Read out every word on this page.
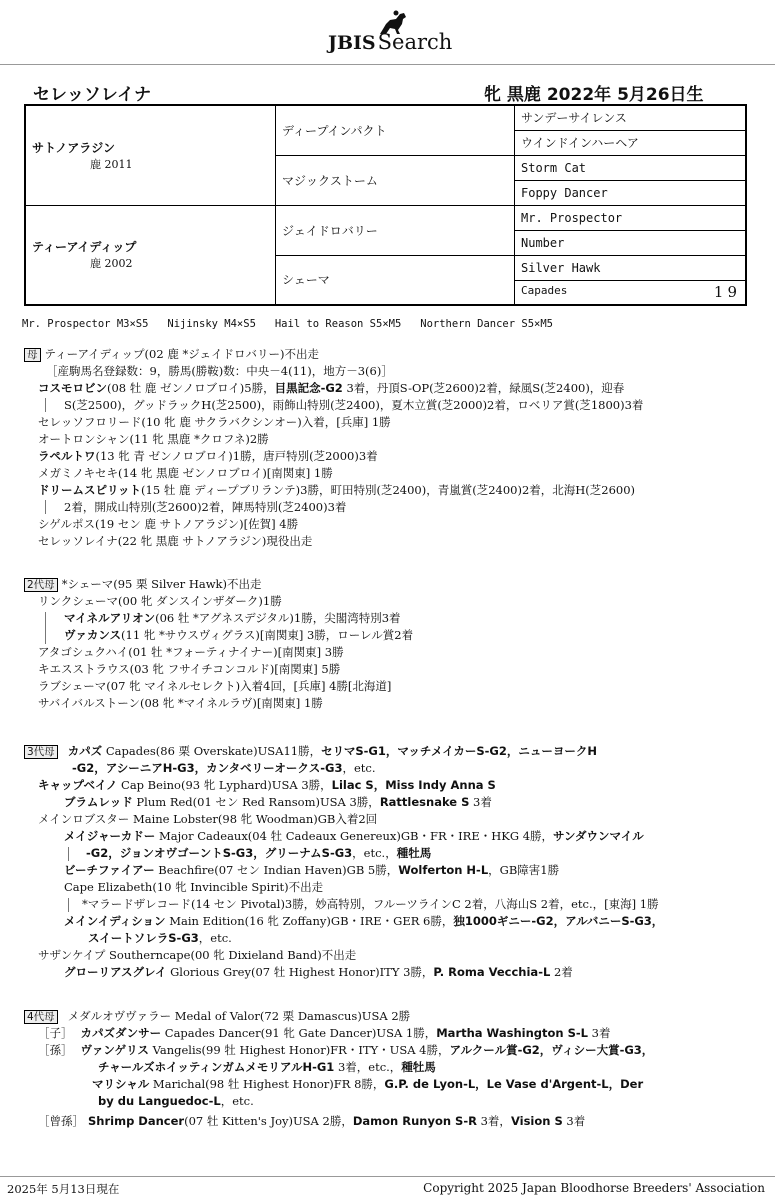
JBISSearch
セレッソレイナ	牝 黒鹿 2022年 5月26日生
サトノアラジン
鹿 2011	ディープインパクト	サンデーサイレンス
		ウインドインハーヘア
	マジックストーム	Storm Cat
		Foppy Dancer

ティーアイディップ
鹿 2002	ジェイドロバリー	Mr. Prospector
		Number
	シェーマ	Silver Hawk
		Capades 19
Mr. Prospector M3×S5   Nijinsky M4×S5   Hail to Reason S5×M5   Northern Dancer S5×M5
母 ティーアイディップ(02 鹿 *ジェイドロバリー)不出走
［産駒馬名登録数：9，勝馬(勝鞍)数：中央－4(11)，地方－3(6)］
コスモロビン(08 牡 鹿 ゼンノロブロイ)5勝，目黒記念-G2 3着，丹頂S-OP(芝2600)2着，緑風S(芝2400)，迎春
S(芝2500)，グッドラックH(芝2500)，雨飾山特別(芝2400)，夏木立賞(芝2000)2着，ロベリア賞(芝1800)3着
セレッソフロリード(10 牝 鹿 サクラバクシンオー)入着，[兵庫] 1勝
オートロンシャン(11 牝 黒鹿 *クロフネ)2勝
ラペルトワ(13 牝 青 ゼンノロブロイ)1勝，唐戸特別(芝2000)3着
メガミノキセキ(14 牝 黒鹿 ゼンノロブロイ)[南関東] 1勝
ドリームスピリット(15 牡 鹿 ディープブリランテ)3勝，町田特別(芝2400)，青嵐賞(芝2400)2着，北海H(芝2600)
2着，開成山特別(芝2600)2着，陣馬特別(芝2400)3着
シゲルポス(19 セン 鹿 サトノアラジン)[佐賀] 4勝
セレッソレイナ(22 牝 黒鹿 サトノアラジン)現役出走
2代母 *シェーマ(95 栗 Silver Hawk)不出走
リンクシェーマ(00 牝 ダンスインザダーク)1勝
マイネルアリオン(06 牡 *アグネスデジタル)1勝，尖閣湾特別3着
ヴァカンス(11 牝 *サウスヴィグラス)[南関東] 3勝，ローレル賞2着
アタゴシュクハイ(01 牡 *フォーティナイナー)[南関東] 3勝
キエスストラウス(03 牝 フサイチコンコルド)[南関東] 5勝
ラブシェーマ(07 牝 マイネルセレクト)入着4回，[兵庫] 4勝[北海道]
サバイバルストーン(08 牝 *マイネルラヴ)[南関東] 1勝
3代母 カパズ Capades(86 栗 Overskate)USA11勝，セリマS-G1，マッチメイカーS-G2，ニューヨークH
-G2，アシーニアH-G3，カンタベリーオークス-G3，etc.
キャップベイノ Cap Beino(93 牝 Lyphard)USA 3勝，Lilac S，Miss Indy Anna S
ブラムレッド Plum Red(01 セン Red Ransom)USA 3勝，Rattlesnake S 3着
メインロブスター Maine Lobster(98 牝 Woodman)GB入着2回
メイジャーカドー Major Cadeaux(04 牡 Cadeaux Genereux)GB・FR・IRE・HKG 4勝，サンダウンマイル
-G2，ジョンオヴゴーントS-G3，グリーナムS-G3，etc.，種牡馬
ビーチファイアー Beachfire(07 セン Indian Haven)GB 5勝，Wolferton H-L，GB障害1勝
Cape Elizabeth(10 牝 Invincible Spirit)不出走
*マラードザレコード(14 セン Pivotal)3勝，妙高特別，フルーツラインC 2着，八海山S 2着，etc.，[東海] 1勝
メインイディション Main Edition(16 牝 Zoffany)GB・IRE・GER 6勝，独1000ギニー-G2，アルバニーS-G3，
スイートソレラS-G3，etc.
サザンケイプ Southerncape(00 牝 Dixieland Band)不出走
グローリアスグレイ Glorious Grey(07 牡 Highest Honor)ITY 3勝，P. Roma Vecchia-L 2着
4代母 メダルオヴヴァラー Medal of Valor(72 栗 Damascus)USA 2勝
［子］ カパズダンサー Capades Dancer(91 牝 Gate Dancer)USA 1勝，Martha Washington S-L 3着
［孫］ ヴァンゲリス Vangelis(99 牡 Highest Honor)FR・ITY・USA 4勝，アルクール賞-G2，ヴィシー大賞-G3，
チャールズホイッティンガムメモリアルH-G1 3着，etc.，種牡馬
マリシャル Marichal(98 牡 Highest Honor)FR 8勝，G.P. de Lyon-L，Le Vase d'Argent-L，Der
by du Languedoc-L，etc.
［曾孫］ Shrimp Dancer(07 牡 Kitten's Joy)USA 2勝，Damon Runyon S-R 3着，Vision S 3着
2025年 5月13日現在	Copyright 2025 Japan Bloodhorse Breeders' Association
